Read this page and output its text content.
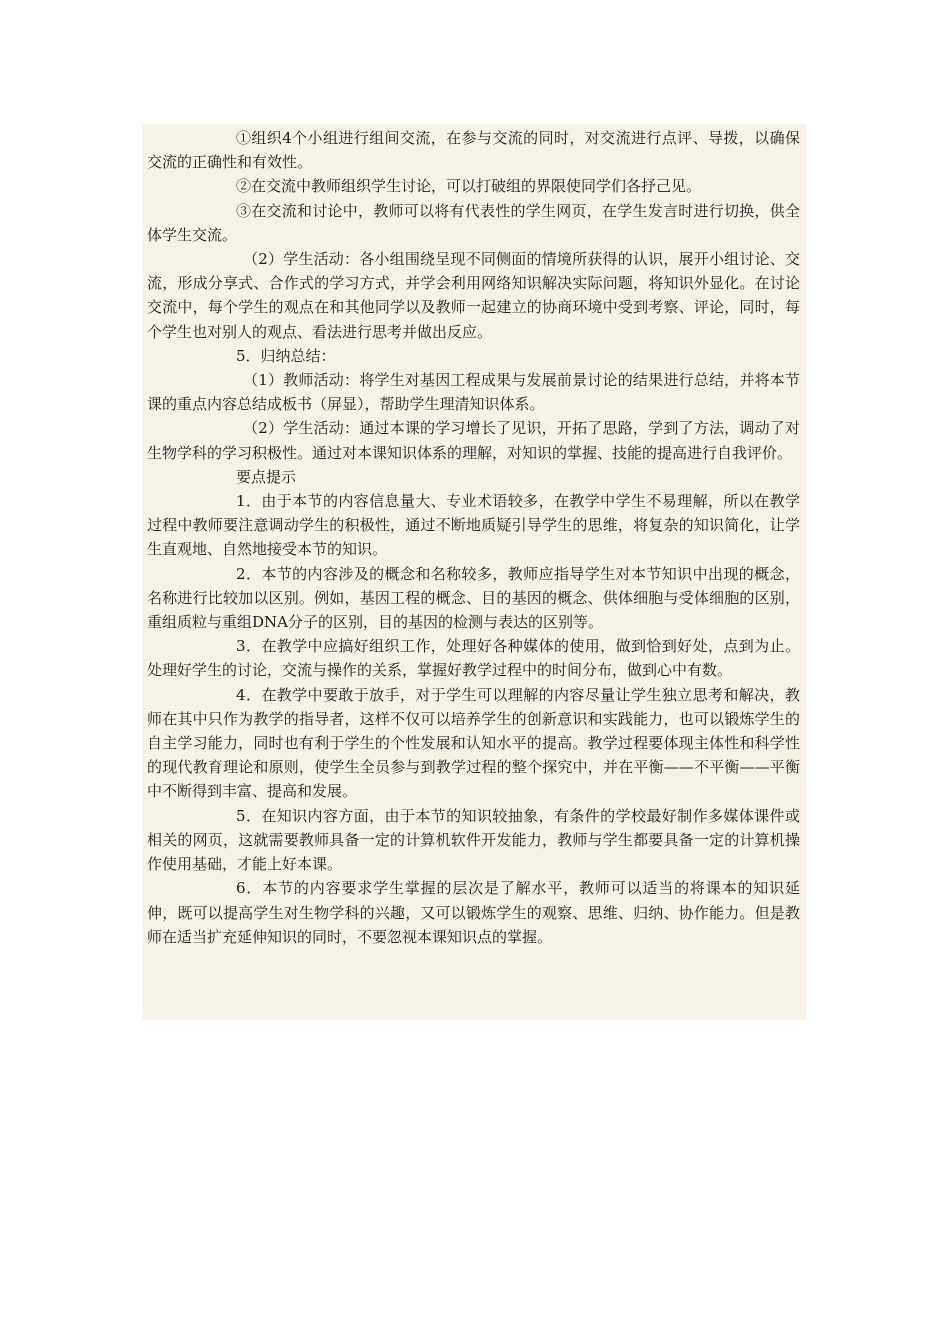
①组织4个小组进行组间交流，在参与交流的同时，对交流进行点评、导拨，以确保交流的正确性和有效性。

②在交流中教师组织学生讨论，可以打破组的界限使同学们各抒己见。

③在交流和讨论中，教师可以将有代表性的学生网页，在学生发言时进行切换，供全体学生交流。

（2）学生活动：各小组围绕呈现不同侧面的情境所获得的认识，展开小组讨论、交流，形成分享式、合作式的学习方式，并学会利用网络知识解决实际问题，将知识外显化。在讨论交流中，每个学生的观点在和其他同学以及教师一起建立的协商环境中受到考察、评论，同时，每个学生也对别人的观点、看法进行思考并做出反应。

5．归纳总结：

（1）教师活动：将学生对基因工程成果与发展前景讨论的结果进行总结，并将本节课的重点内容总结成板书（屏显），帮助学生理清知识体系。

（2）学生活动：通过本课的学习增长了见识，开拓了思路，学到了方法，调动了对生物学科的学习积极性。通过对本课知识体系的理解，对知识的掌握、技能的提高进行自我评价。

要点提示

1．由于本节的内容信息量大、专业术语较多，在教学中学生不易理解，所以在教学过程中教师要注意调动学生的积极性，通过不断地质疑引导学生的思维，将复杂的知识简化，让学生直观地、自然地接受本节的知识。

2．本节的内容涉及的概念和名称较多，教师应指导学生对本节知识中出现的概念，名称进行比较加以区别。例如，基因工程的概念、目的基因的概念、供体细胞与受体细胞的区别，重组质粒与重组DNA分子的区别，目的基因的检测与表达的区别等。

3．在教学中应搞好组织工作，处理好各种媒体的使用，做到恰到好处，点到为止。处理好学生的讨论，交流与操作的关系，掌握好教学过程中的时间分布，做到心中有数。

4．在教学中要敢于放手，对于学生可以理解的内容尽量让学生独立思考和解决，教师在其中只作为教学的指导者，这样不仅可以培养学生的创新意识和实践能力，也可以锻炼学生的自主学习能力，同时也有利于学生的个性发展和认知水平的提高。教学过程要体现主体性和科学性的现代教育理论和原则，使学生全员参与到教学过程的整个探究中，并在平衡——不平衡——平衡中不断得到丰富、提高和发展。

5．在知识内容方面，由于本节的知识较抽象，有条件的学校最好制作多媒体课件或相关的网页，这就需要教师具备一定的计算机软件开发能力，教师与学生都要具备一定的计算机操作使用基础，才能上好本课。

6．本节的内容要求学生掌握的层次是了解水平，教师可以适当的将课本的知识延伸，既可以提高学生对生物学科的兴趣，又可以锻炼学生的观察、思维、归纳、协作能力。但是教师在适当扩充延伸知识的同时，不要忽视本课知识点的掌握。
